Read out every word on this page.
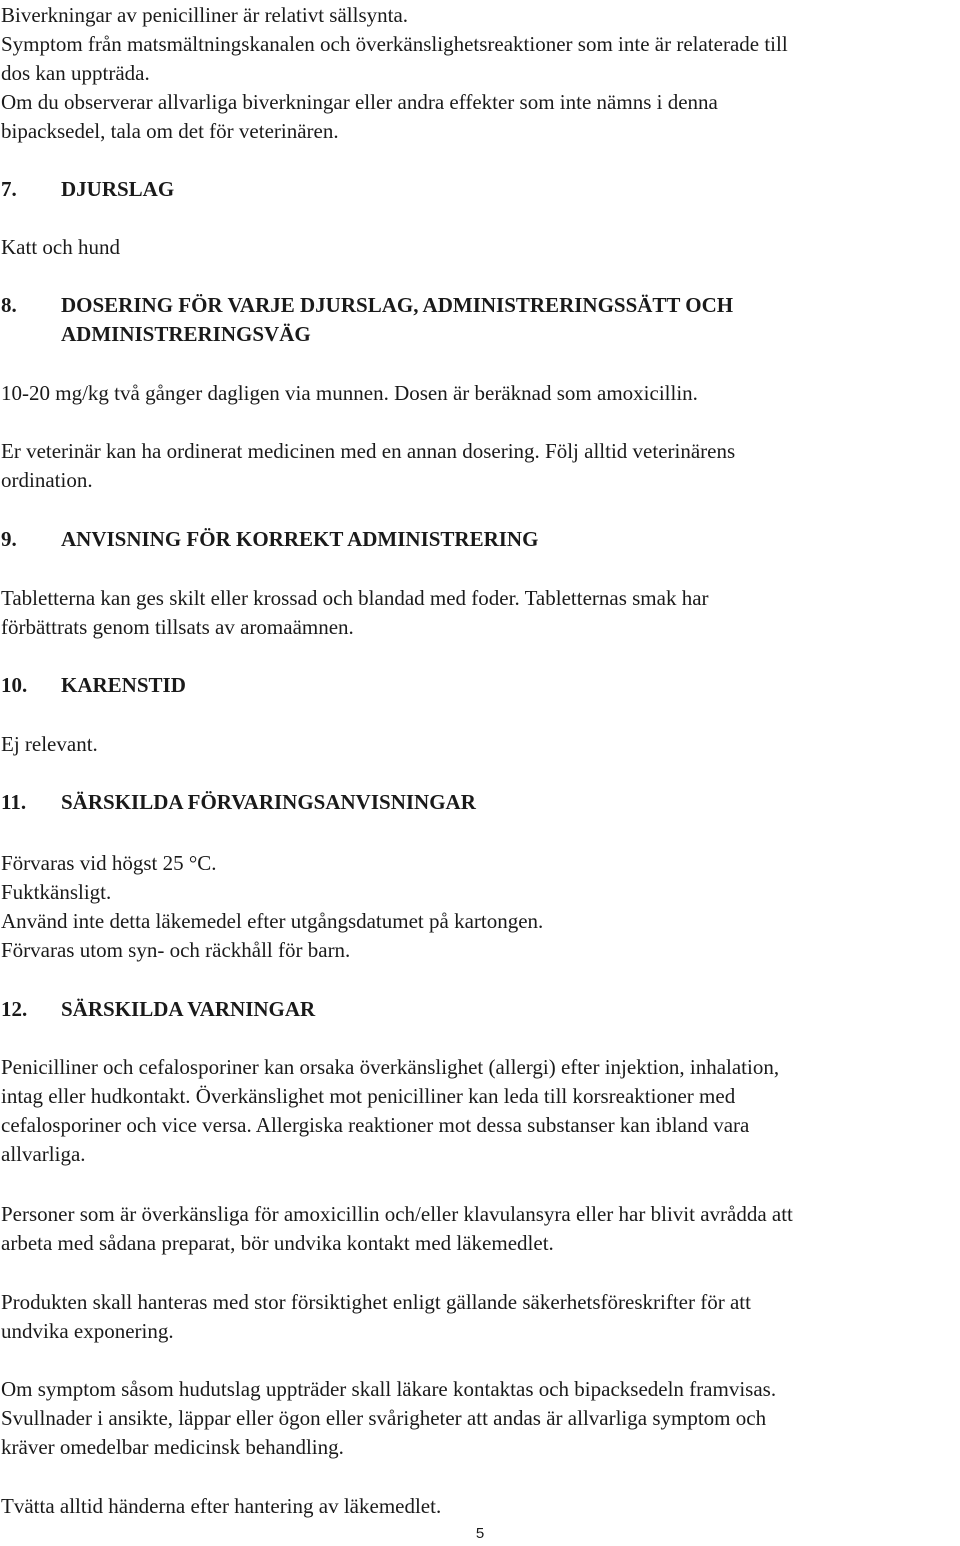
Biverkningar av penicilliner är relativt sällsynta.
Symptom från matsmältningskanalen och överkänslighetsreaktioner som inte är relaterade till
dos kan uppträda.
Om du observerar allvarliga biverkningar eller andra effekter som inte nämns i denna
bipacksedel, tala om det för veterinären.
7. DJURSLAG
Katt och hund
8. DOSERING FÖR VARJE DJURSLAG, ADMINISTRERINGSSÄTT OCH
ADMINISTRERINGSVÄG
10-20 mg/kg två gånger dagligen via munnen. Dosen är beräknad som amoxicillin.
Er veterinär kan ha ordinerat medicinen med en annan dosering. Följ alltid veterinärens
ordination.
9. ANVISNING FÖR KORREKT ADMINISTRERING
Tabletterna kan ges skilt eller krossad och blandad med foder. Tabletternas smak har
förbättrats genom tillsats av aromaämnen.
10. KARENSTID
Ej relevant.
11. SÄRSKILDA FÖRVARINGSANVISNINGAR
Förvaras vid högst 25 °C.
Fuktkänsligt.
Använd inte detta läkemedel efter utgångsdatumet på kartongen.
Förvaras utom syn- och räckhåll för barn.
12. SÄRSKILDA VARNINGAR
Penicilliner och cefalosporiner kan orsaka överkänslighet (allergi) efter injektion, inhalation,
intag eller hudkontakt. Överkänslighet mot penicilliner kan leda till korsreaktioner med
cefalosporiner och vice versa. Allergiska reaktioner mot dessa substanser kan ibland vara
allvarliga.
Personer som är överkänsliga för amoxicillin och/eller klavulansyra eller har blivit avrådda att
arbeta med sådana preparat, bör undvika kontakt med läkemedlet.
Produkten skall hanteras med stor försiktighet enligt gällande säkerhetsföreskrifter för att
undvika exponering.
Om symptom såsom hudutslag uppträder skall läkare kontaktas och bipacksedeln framvisas.
Svullnader i ansikte, läppar eller ögon eller svårigheter att andas är allvarliga symptom och
kräver omedelbar medicinsk behandling.
Tvätta alltid händerna efter hantering av läkemedlet.
5
